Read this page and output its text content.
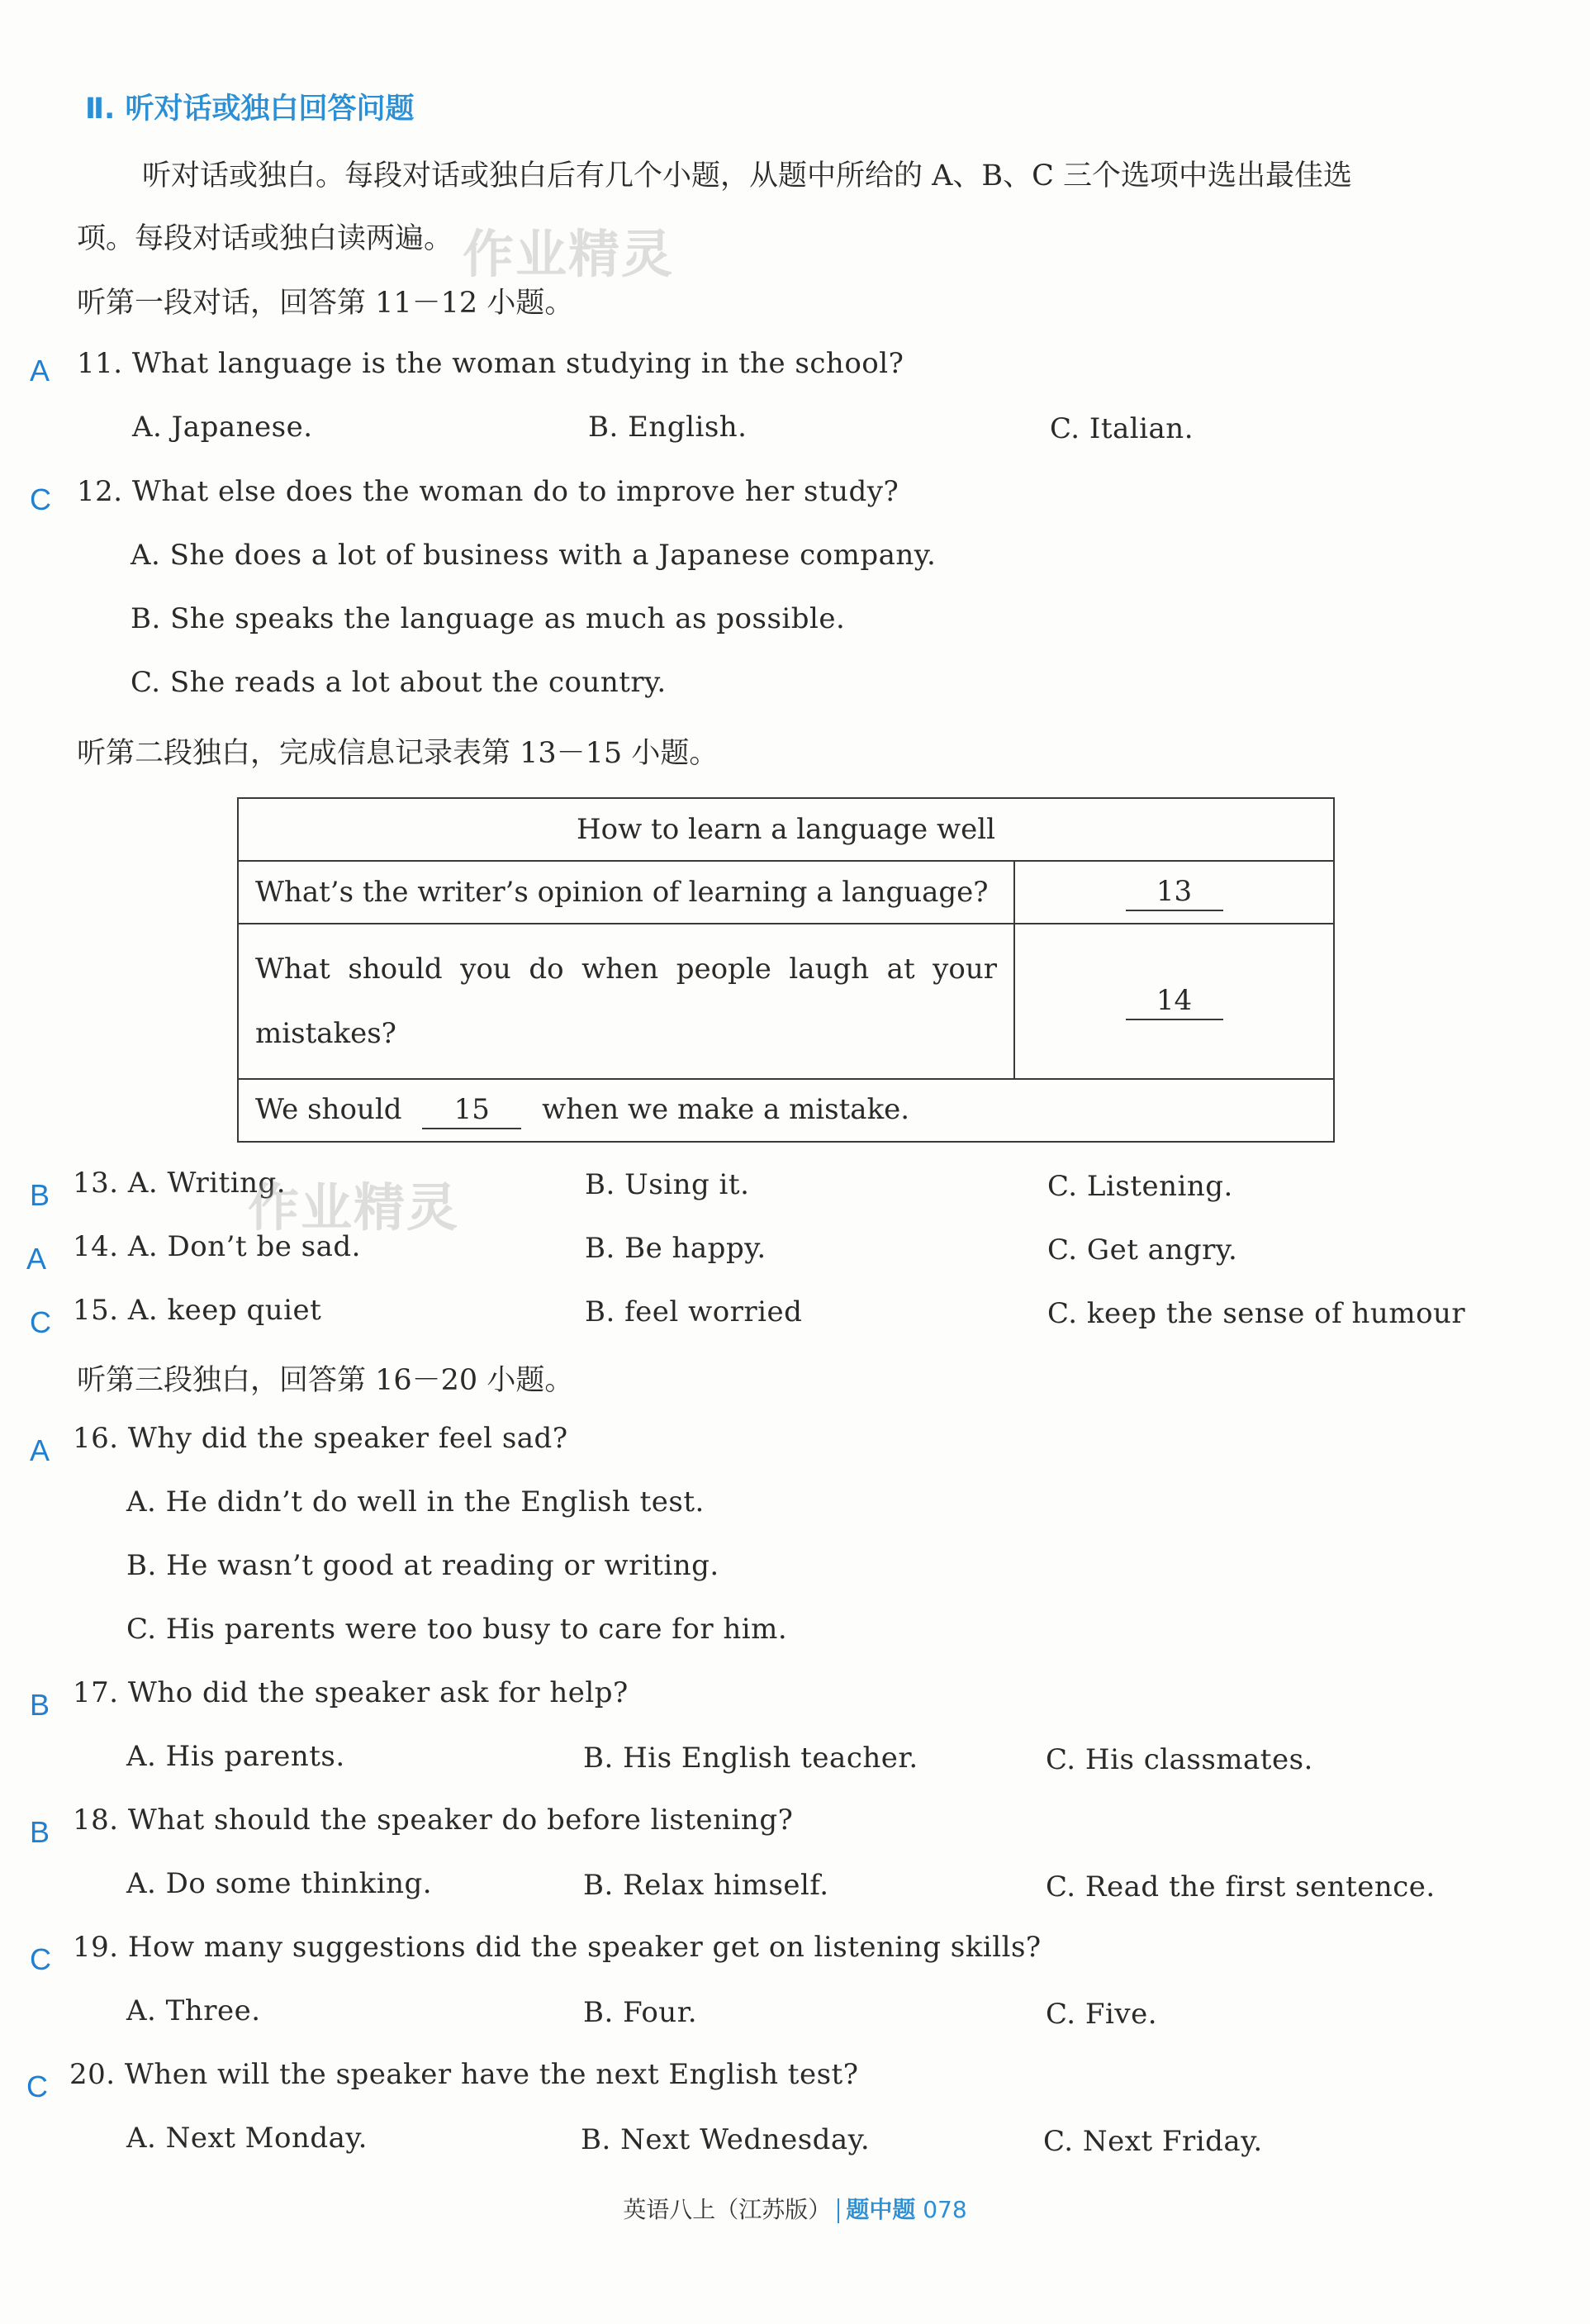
Ⅱ. 听对话或独白回答问题
听对话或独白。每段对话或独白后有几个小题，从题中所给的 A、B、C 三个选项中选出最佳选
项。每段对话或独白读两遍。 作业精灵
听第一段对话，回答第 11－12 小题。
A 11. What language is the woman studying in the school?
A. Japanese.	B. English.	C. Italian.
C 12. What else does the woman do to improve her study?
A. She does a lot of business with a Japanese company.
B. She speaks the language as much as possible.
C. She reads a lot about the country.
听第二段独白，完成信息记录表第 13－15 小题。
How to learn a language well	
What’s the writer’s opinion of learning a language?	13
What should you do when people laugh at your mistakes?	14
We should 15 when we make a mistake.	
B 13. A. Writing.
作业精灵	B. Using it.	C. Listening.
A 14. A. Don’t be sad.	B. Be happy.	C. Get angry.
C 15. A. keep quiet	B. feel worried	C. keep the sense of humour
听第三段独白，回答第 16－20 小题。
A 16. Why did the speaker feel sad?
A. He didn’t do well in the English test.
B. He wasn’t good at reading or writing.
C. His parents were too busy to care for him.
B 17. Who did the speaker ask for help?
A. His parents.	B. His English teacher.	C. His classmates.
B 18. What should the speaker do before listening?
A. Do some thinking.	B. Relax himself.	C. Read the first sentence.
C 19. How many suggestions did the speaker get on listening skills?
A. Three.	B. Four.	C. Five.
C 20. When will the speaker have the next English test?
A. Next Monday.	B. Next Wednesday.	C. Next Friday.
英语八上（江苏版） 题中题 078
